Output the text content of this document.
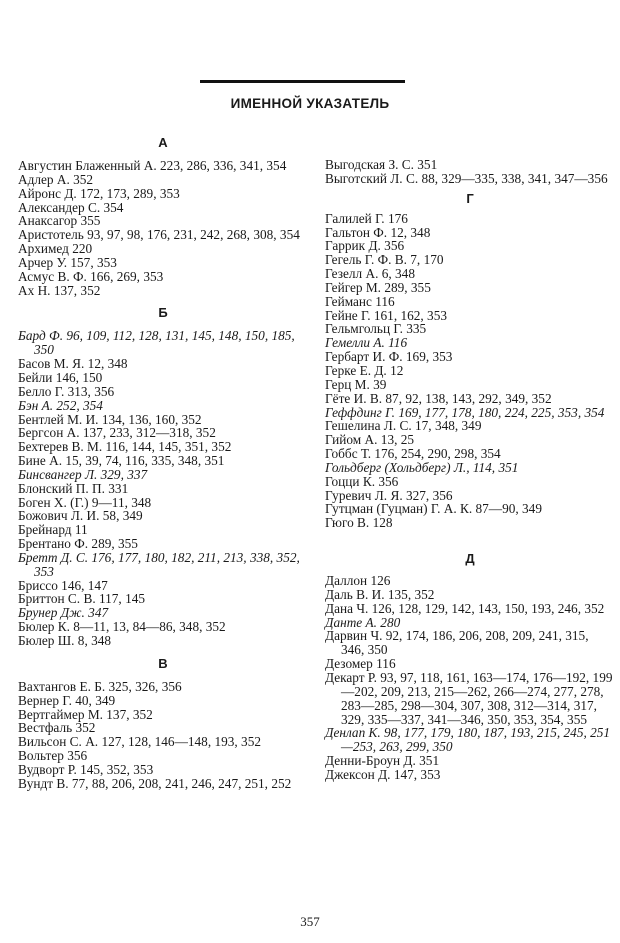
ИМЕННОЙ УКАЗАТЕЛЬ
А
Августин Блаженный А. 223, 286, 336, 341, 354
Адлер А. 352
Айронс Д. 172, 173, 289, 353
Александер С. 354
Анаксагор 355
Аристотель 93, 97, 98, 176, 231, 242, 268, 308, 354
Архимед 220
Арчер У. 157, 353
Асмус В. Ф. 166, 269, 353
Ах Н. 137, 352
Б
Бард Ф. 96, 109, 112, 128, 131, 145, 148, 150, 185, 350
Басов М. Я. 12, 348
Бейли 146, 150
Беллo Г. 313, 356
Бэн А. 252, 354
Бентлей М. И. 134, 136, 160, 352
Бергсон А. 137, 233, 312—318, 352
Бехтерев В. М. 116, 144, 145, 351, 352
Бине А. 15, 39, 74, 116, 335, 348, 351
Бинсвангер Л. 329, 337
Блонский П. П. 331
Боген Х. (Г.) 9—11, 348
Божович Л. И. 58, 349
Брейнард 11
Брентано Ф. 289, 355
Бретт Д. С. 176, 177, 180, 182, 211, 213, 338, 352, 353
Бриссо 146, 147
Бриттон С. В. 117, 145
Брунер Дж. 347
Бюлер К. 8—11, 13, 84—86, 348, 352
Бюлер Ш. 8, 348
В
Вахтангов Е. Б. 325, 326, 356
Вернер Г. 40, 349
Вертгаймер М. 137, 352
Вестфаль 352
Вильсон С. А. 127, 128, 146—148, 193, 352
Вольтер 356
Вудворт Р. 145, 352, 353
Вундт В. 77, 88, 206, 208, 241, 246, 247, 251, 252
Выгодская З. С. 351
Выготский Л. С. 88, 329—335, 338, 341, 347—356
Г
Галилей Г. 176
Гальтон Ф. 12, 348
Гаррик Д. 356
Гегель Г. Ф. В. 7, 170
Гезелл А. 6, 348
Гейгер М. 289, 355
Гейманс 116
Гейне Г. 161, 162, 353
Гельмгольц Г. 335
Гемелли А. 116
Гербарт И. Ф. 169, 353
Герке Е. Д. 12
Герц М. 39
Гёте И. В. 87, 92, 138, 143, 292, 349, 352
Геффдинг Г. 169, 177, 178, 180, 224, 225, 353, 354
Гешелина Л. С. 17, 348, 349
Гийом А. 13, 25
Гоббс Т. 176, 254, 290, 298, 354
Гольдберг (Хольдберг) Л., 114, 351
Гоцци К. 356
Гуревич Л. Я. 327, 356
Гутцман (Гуцман) Г. А. К. 87—90, 349
Гюго В. 128
Д
Даллон 126
Даль В. И. 135, 352
Дана Ч. 126, 128, 129, 142, 143, 150, 193, 246, 352
Данте А. 280
Дарвин Ч. 92, 174, 186, 206, 208, 209, 241, 315, 346, 350
Дезомер 116
Декарт Р. 93, 97, 118, 161, 163—174, 176—192, 199—202, 209, 213, 215—262, 266—274, 277, 278, 283—285, 298—304, 307, 308, 312—314, 317, 329, 335—337, 341—346, 350, 353, 354, 355
Денлап К. 98, 177, 179, 180, 187, 193, 215, 245, 251—253, 263, 299, 350
Денни-Броун Д. 351
Джексон Д. 147, 353
357
